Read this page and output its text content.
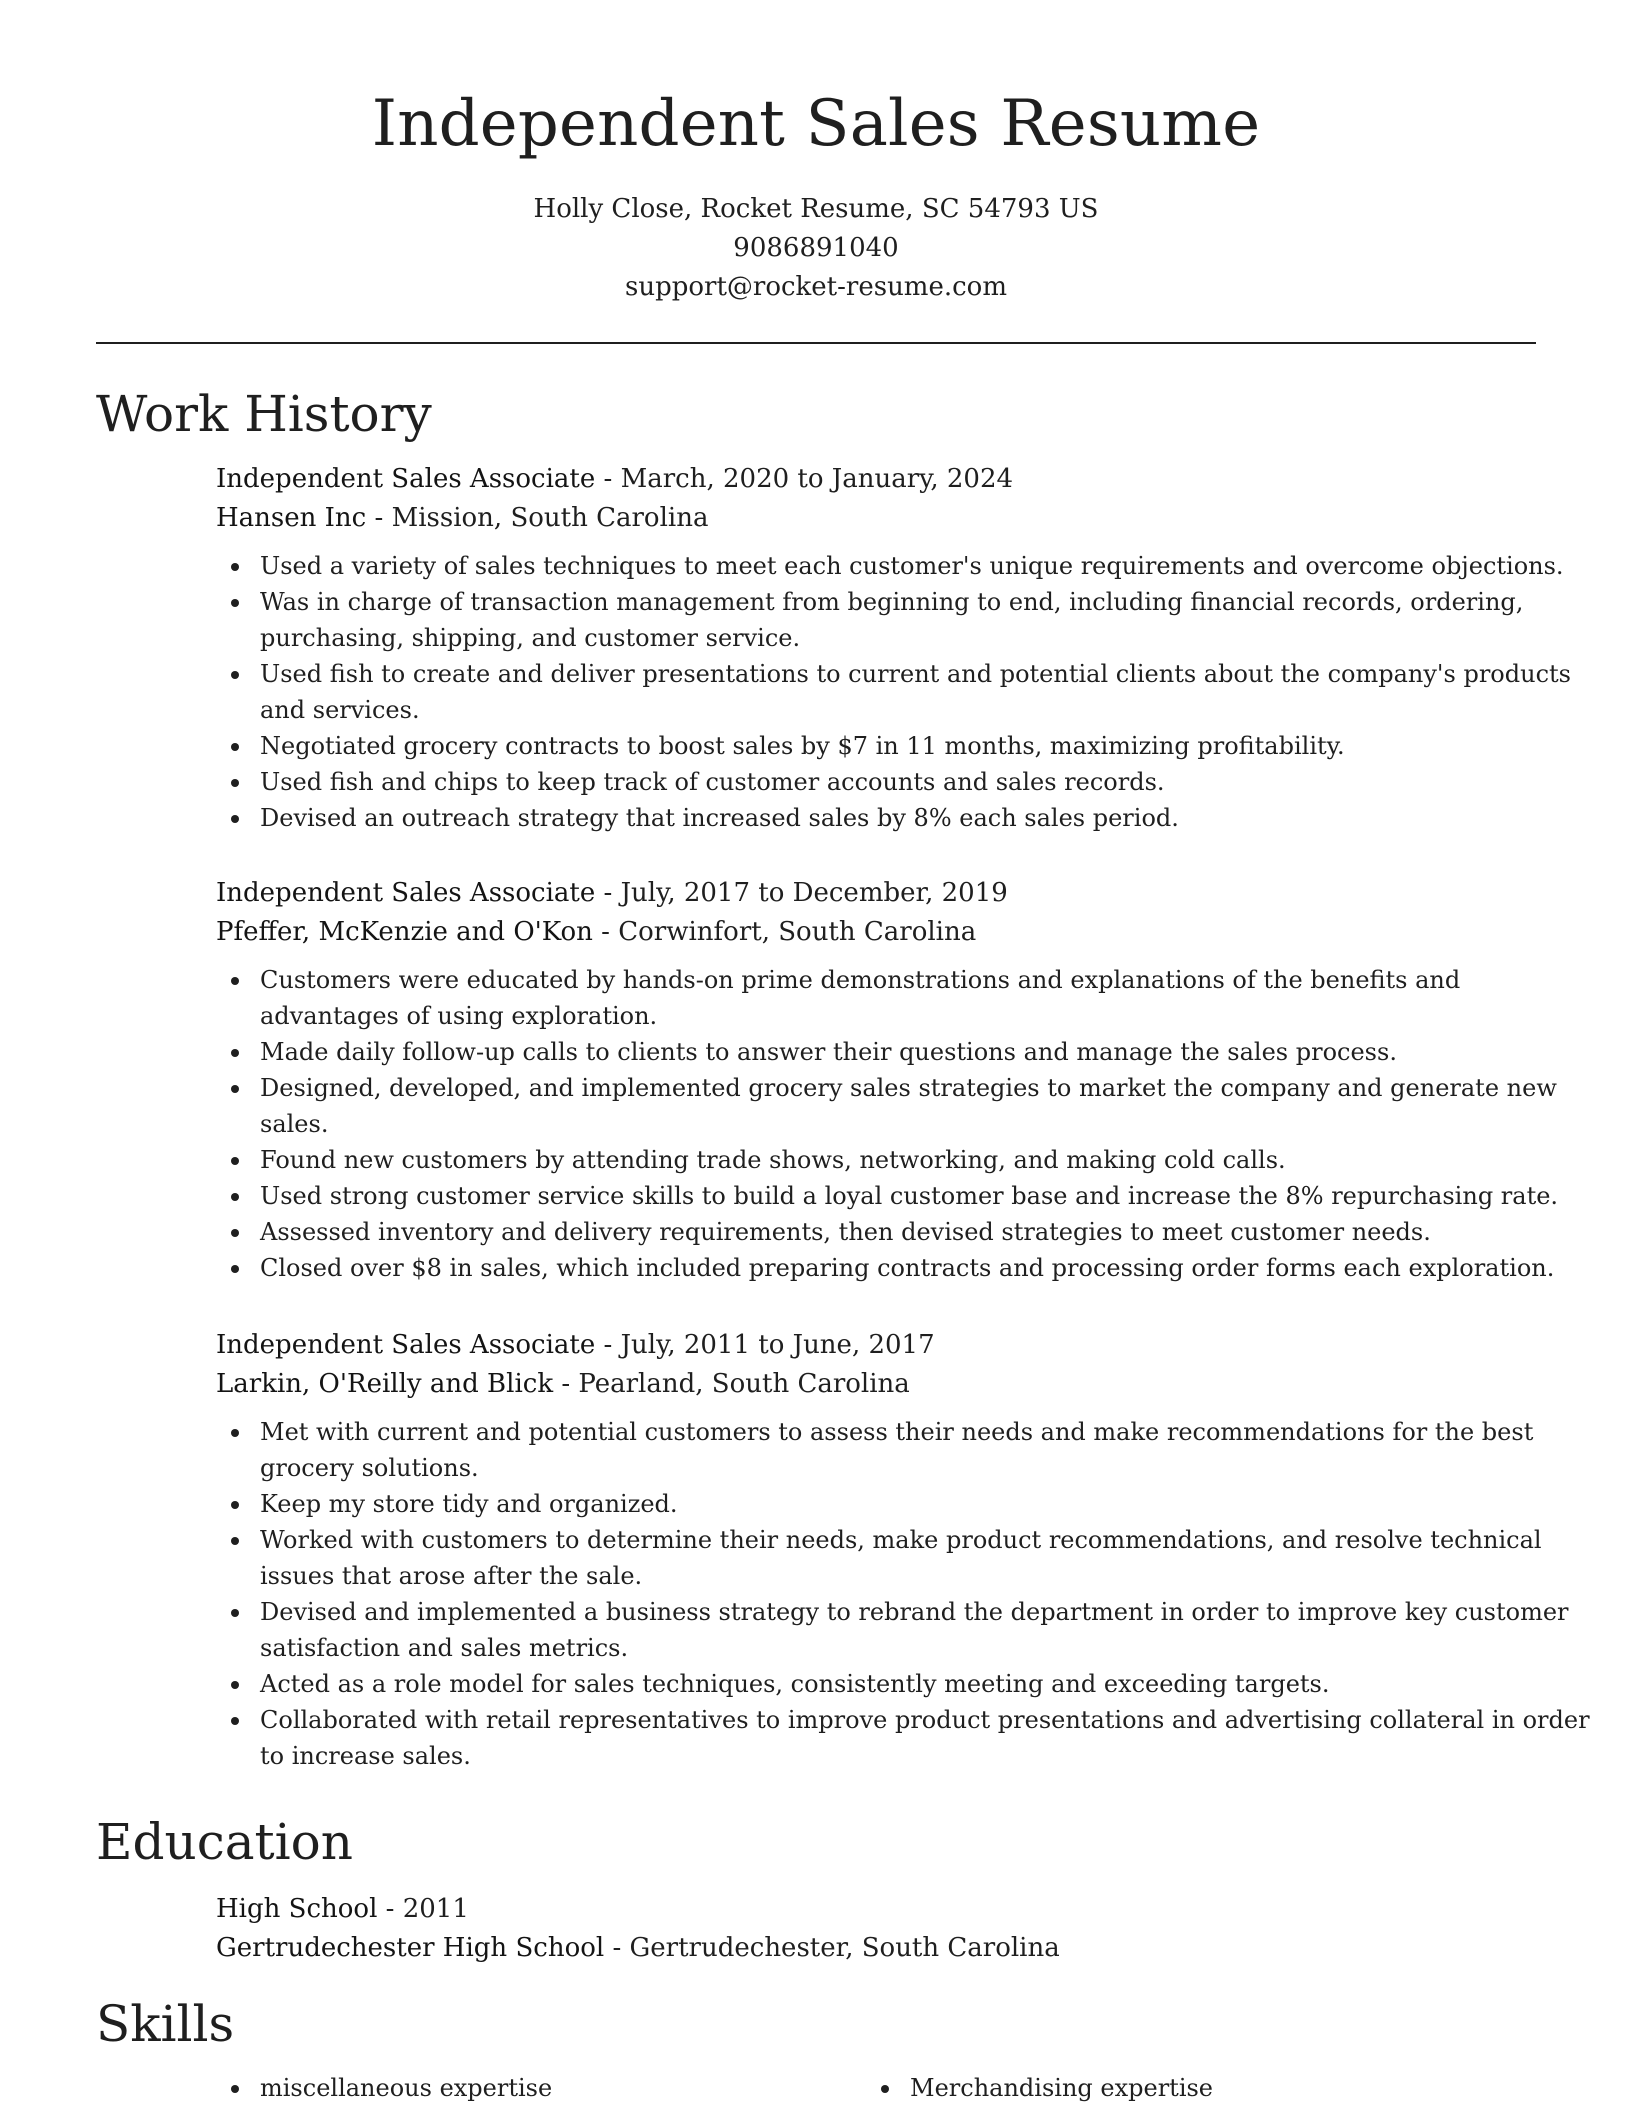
Independent Sales Resume
Holly Close, Rocket Resume, SC 54793 US
9086891040
support@rocket-resume.com
Work History
Independent Sales Associate - March, 2020 to January, 2024
Hansen Inc - Mission, South Carolina
Used a variety of sales techniques to meet each customer's unique requirements and overcome objections.
Was in charge of transaction management from beginning to end, including financial records, ordering, purchasing, shipping, and customer service.
Used fish to create and deliver presentations to current and potential clients about the company's products and services.
Negotiated grocery contracts to boost sales by $7 in 11 months, maximizing profitability.
Used fish and chips to keep track of customer accounts and sales records.
Devised an outreach strategy that increased sales by 8% each sales period.
Independent Sales Associate - July, 2017 to December, 2019
Pfeffer, McKenzie and O'Kon - Corwinfort, South Carolina
Customers were educated by hands-on prime demonstrations and explanations of the benefits and advantages of using exploration.
Made daily follow-up calls to clients to answer their questions and manage the sales process.
Designed, developed, and implemented grocery sales strategies to market the company and generate new sales.
Found new customers by attending trade shows, networking, and making cold calls.
Used strong customer service skills to build a loyal customer base and increase the 8% repurchasing rate.
Assessed inventory and delivery requirements, then devised strategies to meet customer needs.
Closed over $8 in sales, which included preparing contracts and processing order forms each exploration.
Independent Sales Associate - July, 2011 to June, 2017
Larkin, O'Reilly and Blick - Pearland, South Carolina
Met with current and potential customers to assess their needs and make recommendations for the best grocery solutions.
Keep my store tidy and organized.
Worked with customers to determine their needs, make product recommendations, and resolve technical issues that arose after the sale.
Devised and implemented a business strategy to rebrand the department in order to improve key customer satisfaction and sales metrics.
Acted as a role model for sales techniques, consistently meeting and exceeding targets.
Collaborated with retail representatives to improve product presentations and advertising collateral in order to increase sales.
Education
High School - 2011
Gertrudechester High School - Gertrudechester, South Carolina
Skills
miscellaneous expertise	Merchandising expertise
